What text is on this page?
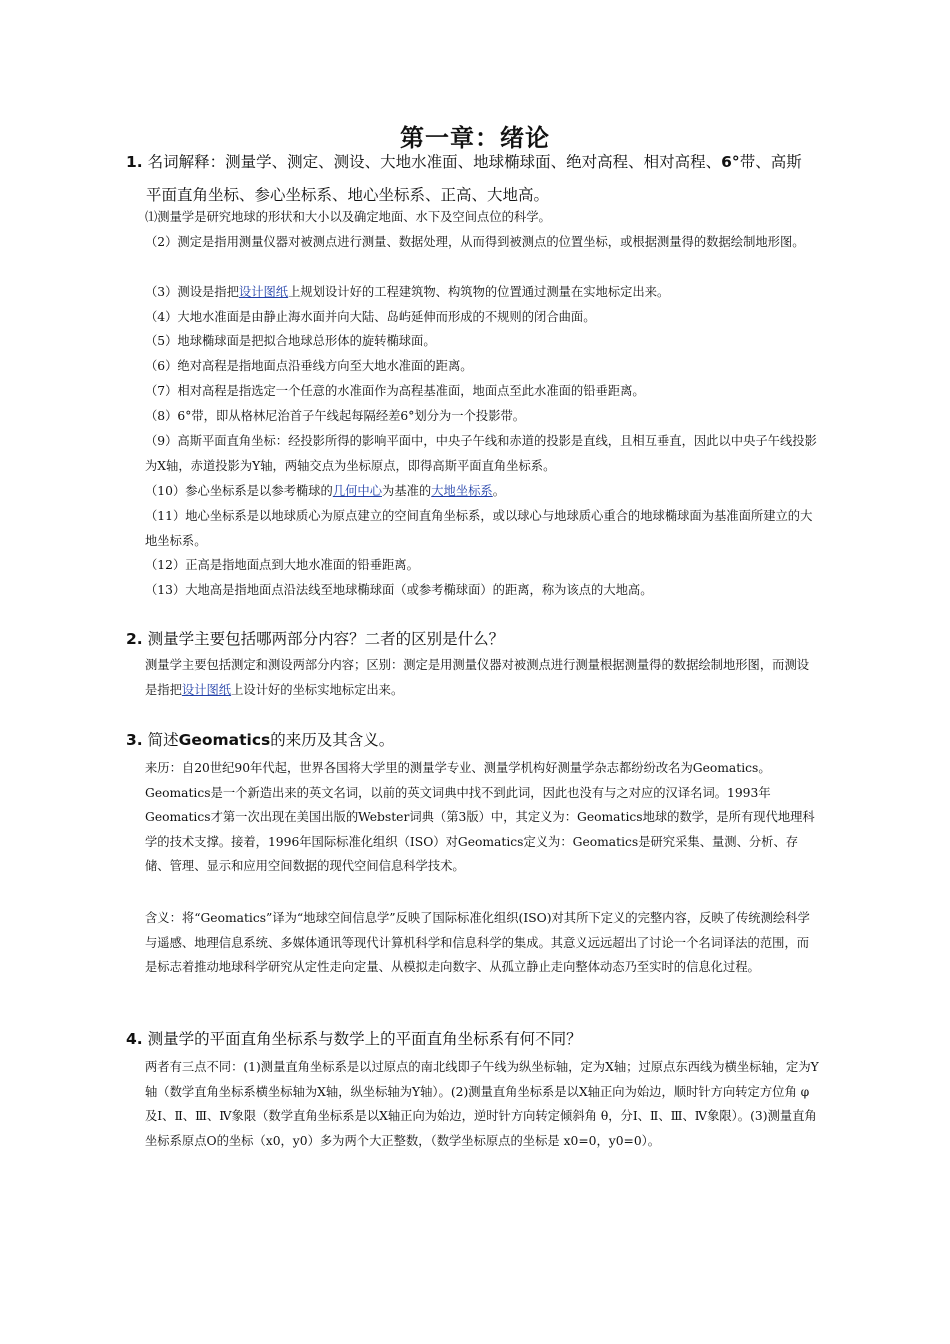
第一章：绪论
1. 名词解释：测量学、测定、测设、大地水准面、地球椭球面、绝对高程、相对高程、6°带、高斯
平面直角坐标、参心坐标系、地心坐标系、正高、大地高。
⑴测量学是研究地球的形状和大小以及确定地面、水下及空间点位的科学。
（2）测定是指用测量仪器对被测点进行测量、数据处理，从而得到被测点的位置坐标，或根据测量得的数据绘制地形图。
（3）测设是指把设计图纸上规划设计好的工程建筑物、构筑物的位置通过测量在实地标定出来。
（4）大地水准面是由静止海水面并向大陆、岛屿延伸而形成的不规则的闭合曲面。
（5）地球椭球面是把拟合地球总形体的旋转椭球面。
（6）绝对高程是指地面点沿垂线方向至大地水准面的距离。
（7）相对高程是指选定一个任意的水准面作为高程基准面，地面点至此水准面的铅垂距离。
（8）6°带，即从格林尼治首子午线起每隔经差6°划分为一个投影带。
（9）高斯平面直角坐标：经投影所得的影响平面中，中央子午线和赤道的投影是直线，且相互垂直，因此以中央子午线投影为X轴，赤道投影为Y轴，两轴交点为坐标原点，即得高斯平面直角坐标系。
（10）参心坐标系是以参考椭球的几何中心为基准的大地坐标系。
（11）地心坐标系是以地球质心为原点建立的空间直角坐标系，或以球心与地球质心重合的地球椭球面为基准面所建立的大地坐标系。
（12）正高是指地面点到大地水准面的铅垂距离。
（13）大地高是指地面点沿法线至地球椭球面（或参考椭球面）的距离，称为该点的大地高。
2. 测量学主要包括哪两部分内容？二者的区别是什么？
测量学主要包括测定和测设两部分内容；区别：测定是用测量仪器对被测点进行测量根据测量得的数据绘制地形图，而测设是指把设计图纸上设计好的坐标实地标定出来。
3. 简述Geomatics的来历及其含义。
来历：自20世纪90年代起，世界各国将大学里的测量学专业、测量学机构好测量学杂志都纷纷改名为Geomatics。Geomatics是一个新造出来的英文名词，以前的英文词典中找不到此词，因此也没有与之对应的汉译名词。1993年Geomatics才第一次出现在美国出版的Webster词典（第3版）中，其定义为：Geomatics地球的数学，是所有现代地理科学的技术支撑。接着，1996年国际标准化组织（ISO）对Geomatics定义为：Geomatics是研究采集、量测、分析、存储、管理、显示和应用空间数据的现代空间信息科学技术。
含义：将“Geomatics”译为“地球空间信息学”反映了国际标准化组织(ISO)对其所下定义的完整内容，反映了传统测绘科学与遥感、地理信息系统、多媒体通讯等现代计算机科学和信息科学的集成。其意义远远超出了讨论一个名词译法的范围，而是标志着推动地球科学研究从定性走向定量、从模拟走向数字、从孤立静止走向整体动态乃至实时的信息化过程。
4. 测量学的平面直角坐标系与数学上的平面直角坐标系有何不同？
两者有三点不同：(1)测量直角坐标系是以过原点的南北线即子午线为纵坐标轴，定为X轴；过原点东西线为横坐标轴，定为Y轴（数学直角坐标系横坐标轴为X轴，纵坐标轴为Y轴）。(2)测量直角坐标系是以X轴正向为始边，顺时针方向转定方位角 φ 及Ⅰ、Ⅱ、Ⅲ、Ⅳ象限（数学直角坐标系是以X轴正向为始边，逆时针方向转定倾斜角 θ，分Ⅰ、Ⅱ、Ⅲ、Ⅳ象限）。(3)测量直角坐标系原点O的坐标（x0，y0）多为两个大正整数，（数学坐标原点的坐标是 x0=0，y0=0）。
